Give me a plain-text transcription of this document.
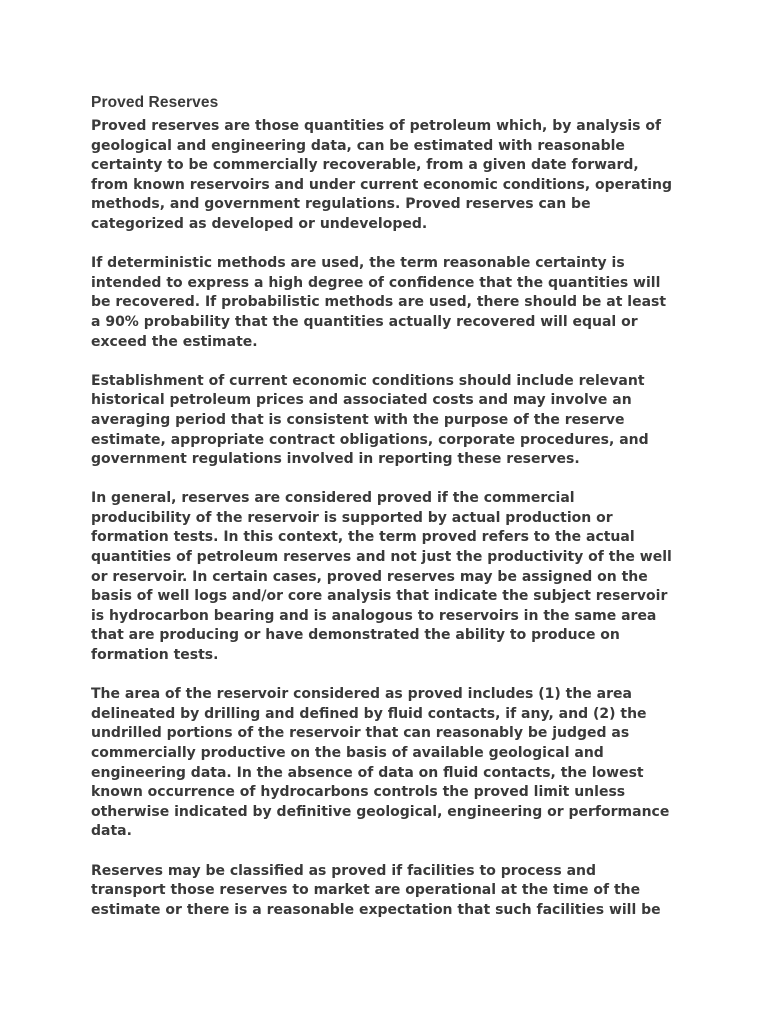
Proved Reserves

Proved reserves are those quantities of petroleum which, by analysis of
geological and engineering data, can be estimated with reasonable
certainty to be commercially recoverable, from a given date forward,
from known reservoirs and under current economic conditions, operating
methods, and government regulations. Proved reserves can be
categorized as developed or undeveloped.

If deterministic methods are used, the term reasonable certainty is
intended to express a high degree of confidence that the quantities will
be recovered. If probabilistic methods are used, there should be at least
a 90% probability that the quantities actually recovered will equal or
exceed the estimate.

Establishment of current economic conditions should include relevant
historical petroleum prices and associated costs and may involve an
averaging period that is consistent with the purpose of the reserve
estimate, appropriate contract obligations, corporate procedures, and
government regulations involved in reporting these reserves.

In general, reserves are considered proved if the commercial
producibility of the reservoir is supported by actual production or
formation tests. In this context, the term proved refers to the actual
quantities of petroleum reserves and not just the productivity of the well
or reservoir. In certain cases, proved reserves may be assigned on the
basis of well logs and/or core analysis that indicate the subject reservoir
is hydrocarbon bearing and is analogous to reservoirs in the same area
that are producing or have demonstrated the ability to produce on
formation tests.

The area of the reservoir considered as proved includes (1) the area
delineated by drilling and defined by fluid contacts, if any, and (2) the
undrilled portions of the reservoir that can reasonably be judged as
commercially productive on the basis of available geological and
engineering data. In the absence of data on fluid contacts, the lowest
known occurrence of hydrocarbons controls the proved limit unless
otherwise indicated by definitive geological, engineering or performance
data.

Reserves may be classified as proved if facilities to process and
transport those reserves to market are operational at the time of the
estimate or there is a reasonable expectation that such facilities will be
